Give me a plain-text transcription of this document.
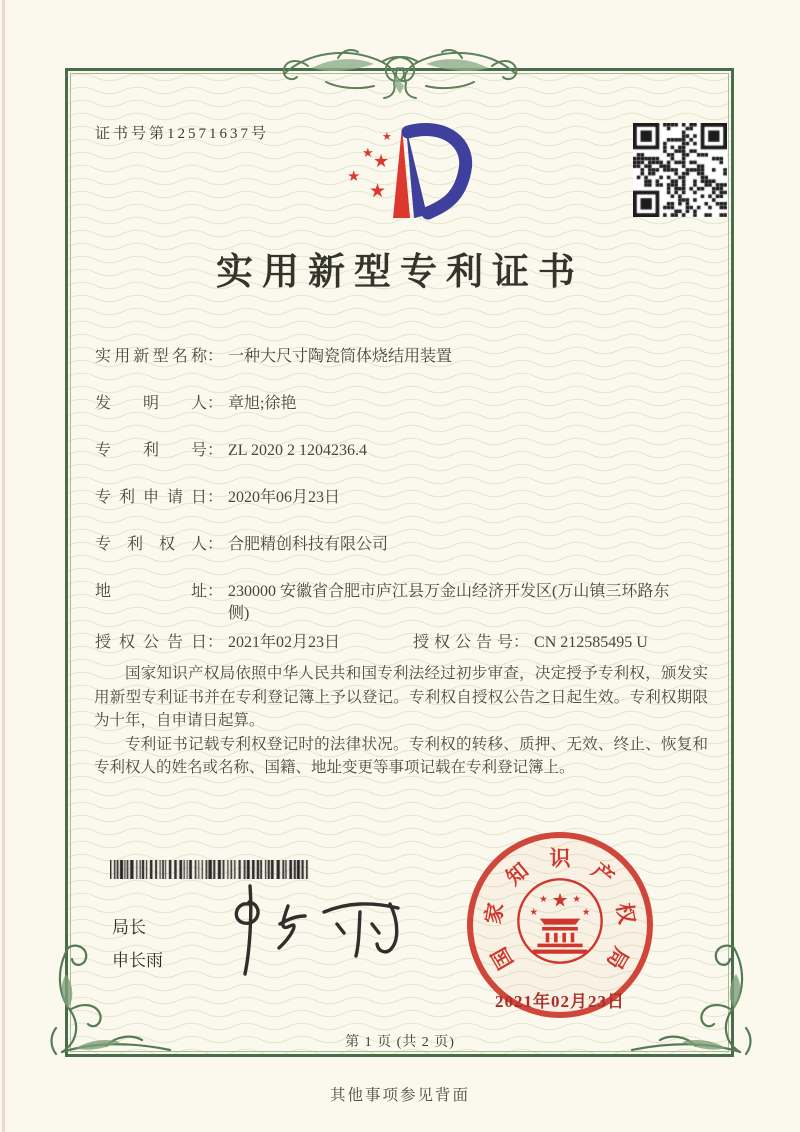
证书号第12571637号	★
★ ★
★
★
实用新型专利证书
实用新型名称 ： 一种大尺寸陶瓷筒体烧结用装置
发明人 ： 章旭;徐艳
专利号 ： ZL 2020 2 1204236.4
专利申请日 ： 2020年06月23日
专利权人 ： 合肥精创科技有限公司
地址 ： 230000 安徽省合肥市庐江县万金山经济开发区(万山镇三环路东侧)
授权公告日 ： 2021年02月23日	授权公告号 ： CN 212585495 U

国家知识产权局依照中华人民共和国专利法经过初步审查，决定授予专利权，颁发实用新型专利证书并在专利登记簿上予以登记。专利权自授权公告之日起生效。专利权期限为十年，自申请日起算。

专利证书记载专利权登记时的法律状况。专利权的转移、质押、无效、终止、恢复和专利权人的姓名或名称、国籍、地址变更等事项记载在专利登记簿上。

局长
申长雨
★
★	★
★	★
2021年02月23日
国
家
知 识 产
权
局
第 1 页 (共 2 页)
其他事项参见背面
